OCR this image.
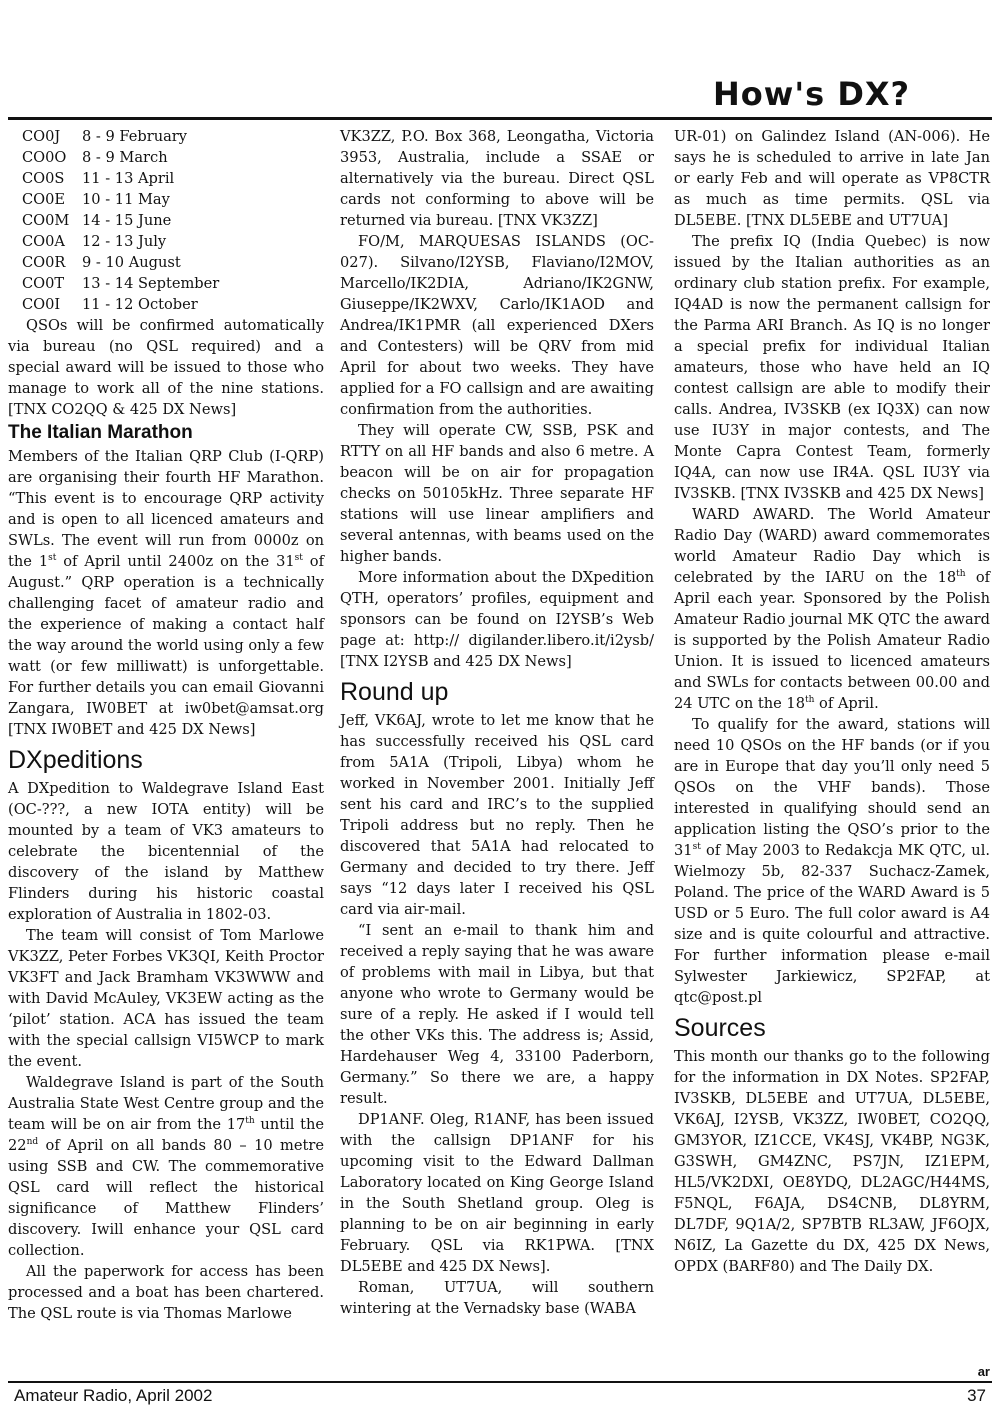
How's DX?
CO0J	8 - 9 February
CO0O	8 - 9 March
CO0S	11 - 13 April
CO0E	10 - 11 May
CO0M	14 - 15 June
CO0A	12 - 13 July
CO0R	9 - 10 August
CO0T	13 - 14 September
CO0I	11 - 12 October

QSOs will be confirmed automatically via bureau (no QSL required) and a special award will be issued to those who manage to work all of the nine stations. [TNX CO2QQ & 425 DX News]

The Italian Marathon

Members of the Italian QRP Club (I-QRP) are organising their fourth HF Marathon. “This event is to encourage QRP activity and is open to all licenced amateurs and SWLs. The event will run from 0000z on the 1st of April until 2400z on the 31st of August.” QRP operation is a technically challenging facet of amateur radio and the experience of making a contact half the way around the world using only a few watt (or few milliwatt) is unforgettable. For further details you can email Giovanni Zangara, IW0BET at iw0bet@amsat.org [TNX IW0BET and 425 DX News]

DXpeditions

A DXpedition to Waldegrave Island East (OC-???, a new IOTA entity) will be mounted by a team of VK3 amateurs to celebrate the bicentennial of the discovery of the island by Matthew Flinders during his historic coastal exploration of Australia in 1802-03.

The team will consist of Tom Marlowe VK3ZZ, Peter Forbes VK3QI, Keith Proctor VK3FT and Jack Bramham VK3WWW and with David McAuley, VK3EW acting as the ‘pilot’ station. ACA has issued the team with the special callsign VI5WCP to mark the event.

Waldegrave Island is part of the South Australia State West Centre group and the team will be on air from the 17th until the 22nd of April on all bands 80 – 10 metre using SSB and CW. The commemorative QSL card will reflect the historical significance of Matthew Flinders’ discovery. Iwill enhance your QSL card collection.

All the paperwork for access has been processed and a boat has been chartered. The QSL route is via Thomas Marlowe

VK3ZZ, P.O. Box 368, Leongatha, Victoria 3953, Australia, include a SSAE or alternatively via the bureau. Direct QSL cards not conforming to above will be returned via bureau. [TNX VK3ZZ]

FO/M, MARQUESAS ISLANDS (OC-027). Silvano/I2YSB, Flaviano/I2MOV, Marcello/IK2DIA, Adriano/IK2GNW, Giuseppe/IK2WXV, Carlo/IK1AOD and Andrea/IK1PMR (all experienced DXers and Contesters) will be QRV from mid April for about two weeks. They have applied for a FO callsign and are awaiting confirmation from the authorities.

They will operate CW, SSB, PSK and RTTY on all HF bands and also 6 metre. A beacon will be on air for propagation checks on 50105kHz. Three separate HF stations will use linear amplifiers and several antennas, with beams used on the higher bands.

More information about the DXpedition QTH, operators’ profiles, equipment and sponsors can be found on I2YSB’s Web page at: http:// digilander.libero.it/i2ysb/ [TNX I2YSB and 425 DX News]

Round up

Jeff, VK6AJ, wrote to let me know that he has successfully received his QSL card from 5A1A (Tripoli, Libya) whom he worked in November 2001. Initially Jeff sent his card and IRC’s to the supplied Tripoli address but no reply. Then he discovered that 5A1A had relocated to Germany and decided to try there. Jeff says “12 days later I received his QSL card via air-mail.

“I sent an e-mail to thank him and received a reply saying that he was aware of problems with mail in Libya, but that anyone who wrote to Germany would be sure of a reply. He asked if I would tell the other VKs this. The address is; Assid, Hardehauser Weg 4, 33100 Paderborn, Germany.” So there we are, a happy result.

DP1ANF. Oleg, R1ANF, has been issued with the callsign DP1ANF for his upcoming visit to the Edward Dallman Laboratory located on King George Island in the South Shetland group. Oleg is planning to be on air beginning in early February. QSL via RK1PWA. [TNX DL5EBE and 425 DX News].

Roman, UT7UA, will southern wintering at the Vernadsky base (WABA

UR-01) on Galindez Island (AN-006). He says he is scheduled to arrive in late Jan or early Feb and will operate as VP8CTR as much as time permits. QSL via DL5EBE. [TNX DL5EBE and UT7UA]

The prefix IQ (India Quebec) is now issued by the Italian authorities as an ordinary club station prefix. For example, IQ4AD is now the permanent callsign for the Parma ARI Branch. As IQ is no longer a special prefix for individual Italian amateurs, those who have held an IQ contest callsign are able to modify their calls. Andrea, IV3SKB (ex IQ3X) can now use IU3Y in major contests, and The Monte Capra Contest Team, formerly IQ4A, can now use IR4A. QSL IU3Y via IV3SKB. [TNX IV3SKB and 425 DX News]

WARD AWARD. The World Amateur Radio Day (WARD) award commemorates world Amateur Radio Day which is celebrated by the IARU on the 18th of April each year. Sponsored by the Polish Amateur Radio journal MK QTC the award is supported by the Polish Amateur Radio Union. It is issued to licenced amateurs and SWLs for contacts between 00.00 and 24 UTC on the 18th of April.

To qualify for the award, stations will need 10 QSOs on the HF bands (or if you are in Europe that day you’ll only need 5 QSOs on the VHF bands). Those interested in qualifying should send an application listing the QSO’s prior to the 31st of May 2003 to Redakcja MK QTC, ul. Wielmozy 5b, 82-337 Suchacz-Zamek, Poland. The price of the WARD Award is 5 USD or 5 Euro. The full color award is A4 size and is quite colourful and attractive. For further information please e-mail Sylwester Jarkiewicz, SP2FAP, at qtc@post.pl

Sources

This month our thanks go to the following for the information in DX Notes. SP2FAP, IV3SKB, DL5EBE and UT7UA, DL5EBE, VK6AJ, I2YSB, VK3ZZ, IW0BET, CO2QQ, GM3YOR, IZ1CCE, VK4SJ, VK4BP, NG3K, G3SWH, GM4ZNC, PS7JN, IZ1EPM, HL5/VK2DXI, OE8YDQ, DL2AGC/H44MS, F5NQL, F6AJA, DS4CNB, DL8YRM, DL7DF, 9Q1A/2, SP7BTB RL3AW, JF6OJX, N6IZ, La Gazette du DX, 425 DX News, OPDX (BARF80) and The Daily DX.

ar
Amateur Radio, April 2002	37
